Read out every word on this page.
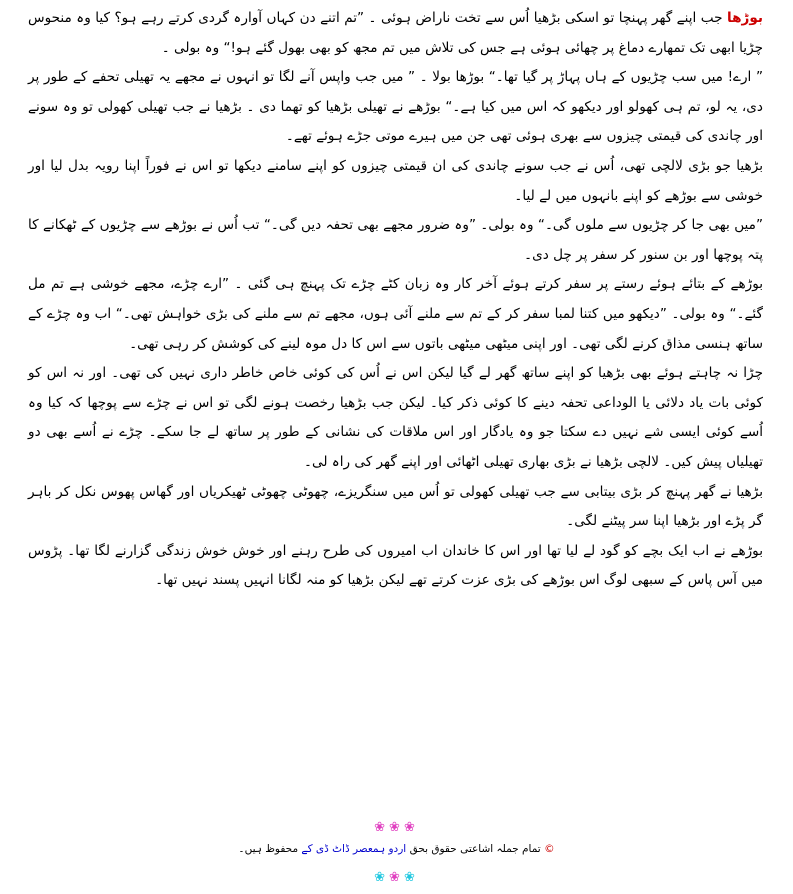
بوڑھا جب اپنے گھر پہنچا تو اسکی بڑھیا اُس سے تخت ناراض ہوئی ۔ ”تم اتنے دن کہاں آوارہ گردی کرتے رہے ہو؟ کیا وہ منحوس چڑیا ابھی تک تمھارے دماغ پر چھائی ہوئی ہے جس کی تلاش میں تم مجھ کو بھی بھول گئے ہو!“ وہ بولی ۔

” ارے! میں سب چڑیوں کے ہاں پہاڑ پر گیا تھا۔“ بوڑھا بولا ۔ ” میں جب واپس آنے لگا تو انہوں نے مجھے یہ تھیلی تحفے کے طور پر دی، یہ لو، تم ہی کھولو اور دیکھو کہ اس میں کیا ہے۔“ بوڑھے نے تھیلی بڑھیا کو تھما دی ۔ بڑھیا نے جب تھیلی کھولی تو وہ سونے اور چاندی کی قیمتی چیزوں سے بھری ہوئی تھی جن میں ہیرے موتی جڑے ہوئے تھے۔

بڑھیا جو بڑی لالچی تھی، اُس نے جب سونے چاندی کی ان قیمتی چیزوں کو اپنے سامنے دیکھا تو اس نے فوراً اپنا رویہ بدل لیا اور خوشی سے بوڑھے کو اپنے بانہوں میں لے لیا۔

”میں بھی جا کر چڑیوں سے ملوں گی۔“ وہ بولی۔ ”وہ ضرور مجھے بھی تحفہ دیں گی۔“ تب اُس نے بوڑھے سے چڑیوں کے ٹھکانے کا پتہ پوچھا اور بن سنور کر سفر پر چل دی۔

بوڑھے کے بتائے ہوئے رستے پر سفر کرتے ہوئے آخر کار وہ زبان کٹے چڑے تک پہنچ ہی گئی ۔ ”ارے چڑے، مجھے خوشی ہے تم مل گئے۔“ وہ بولی۔ ”دیکھو میں کتنا لمبا سفر کر کے تم سے ملنے آئی ہوں، مجھے تم سے ملنے کی بڑی خواہش تھی۔“ اب وہ چڑے کے ساتھ ہنسی مذاق کرنے لگی تھی۔ اور اپنی میٹھی میٹھی باتوں سے اس کا دل موہ لینے کی کوشش کر رہی تھی۔

چڑا نہ چاہتے ہوئے بھی بڑھیا کو اپنے ساتھ گھر لے گیا لیکن اس نے اُس کی کوئی خاص خاطر داری نہیں کی تھی۔ اور نہ اس کو کوئی بات یاد دلائی یا الوداعی تحفہ دینے کا کوئی ذکر کیا۔ لیکن جب بڑھیا رخصت ہونے لگی تو اس نے چڑے سے پوچھا کہ کیا وہ اُسے کوئی ایسی شے نہیں دے سکتا جو وہ یادگار اور اس ملاقات کی نشانی کے طور پر ساتھ لے جا سکے۔ چڑے نے اُسے بھی دو تھیلیاں پیش کیں۔ لالچی بڑھیا نے بڑی بھاری تھیلی اٹھائی اور اپنے گھر کی راہ لی۔

بڑھیا نے گھر پہنچ کر بڑی بیتابی سے جب تھیلی کھولی تو اُس میں سنگریزے، چھوٹی چھوٹی ٹھیکریاں اور گھاس پھوس نکل کر باہر گر پڑے اور بڑھیا اپنا سر پیٹنے لگی۔

بوڑھے نے اب ایک بچے کو گود لے لیا تھا اور اس کا خاندان اب امیروں کی طرح رہنے اور خوش خوش زندگی گزارنے لگا تھا۔ پڑوس میں آس پاس کے سبھی لوگ اس بوڑھے کی بڑی عزت کرتے تھے لیکن بڑھیا کو منہ لگانا انہیں پسند نہیں تھا۔

❀❀❀
© تمام جملہ اشاعتی حقوق بحق اردو ہمعصر ڈاٹ ڈی کے محفوظ ہیں۔
❀❀❀
